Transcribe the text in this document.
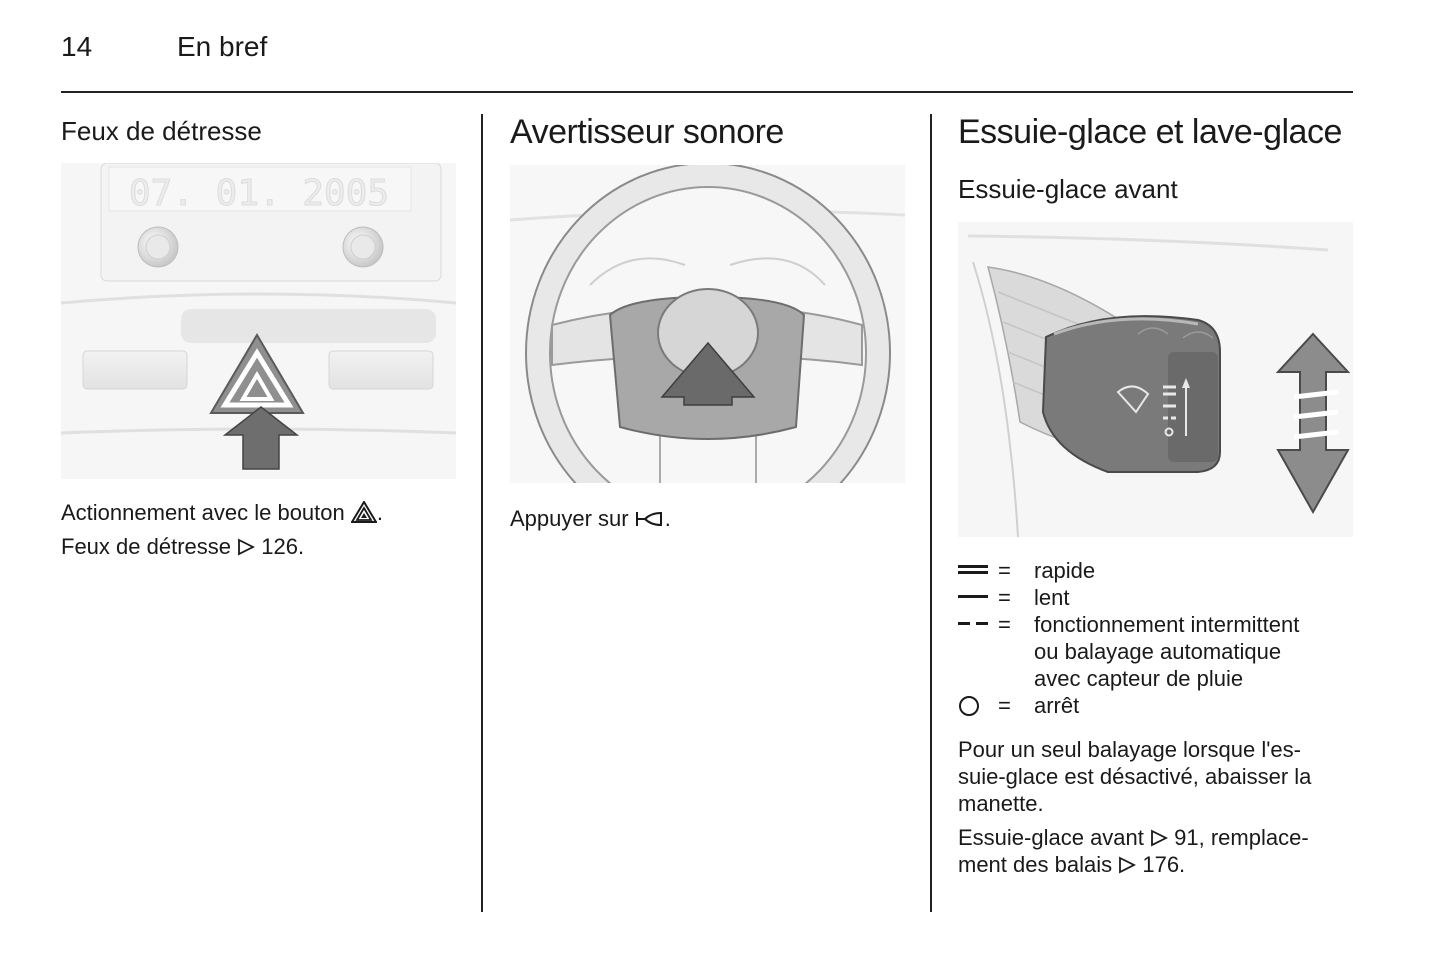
14	En bref
Feux de détresse
07. 01. 2005
Actionnement avec le bouton .
Feux de détresse 126.
Avertisseur sonore
Appuyer sur .
Essuie-glace et lave-glace
Essuie-glace avant
=	rapide
=	lent
=	fonctionnement intermittent
ou balayage automatique
avec capteur de pluie
=	arrêt
Pour un seul balayage lorsque l'es-
suie-glace est désactivé, abaisser la
manette.
Essuie-glace avant 91, remplace-
ment des balais 176.
